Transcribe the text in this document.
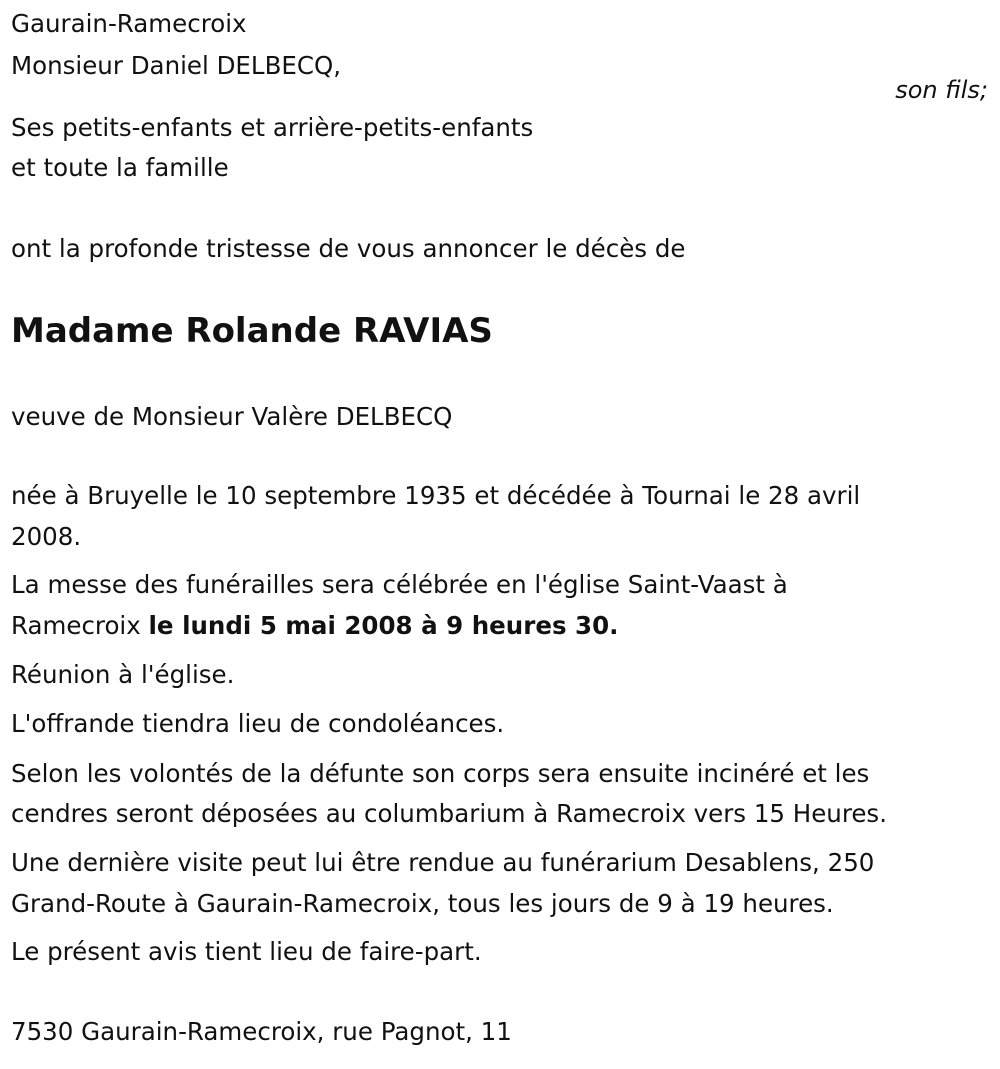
Gaurain-Ramecroix

Monsieur Daniel DELBECQ,

son fils;

Ses petits-enfants et arrière-petits-enfants

et toute la famille

ont la profonde tristesse de vous annoncer le décès de

Madame Rolande RAVIAS

veuve de Monsieur Valère DELBECQ

née à Bruyelle le 10 septembre 1935 et décédée à Tournai le 28 avril

2008.

La messe des funérailles sera célébrée en l'église Saint-Vaast à

Ramecroix le lundi 5 mai 2008 à 9 heures 30.

Réunion à l'église.

L'offrande tiendra lieu de condoléances.

Selon les volontés de la défunte son corps sera ensuite incinéré et les

cendres seront déposées au columbarium à Ramecroix vers 15 Heures.

Une dernière visite peut lui être rendue au funérarium Desablens, 250

Grand-Route à Gaurain-Ramecroix, tous les jours de 9 à 19 heures.

Le présent avis tient lieu de faire-part.

7530 Gaurain-Ramecroix, rue Pagnot, 11
